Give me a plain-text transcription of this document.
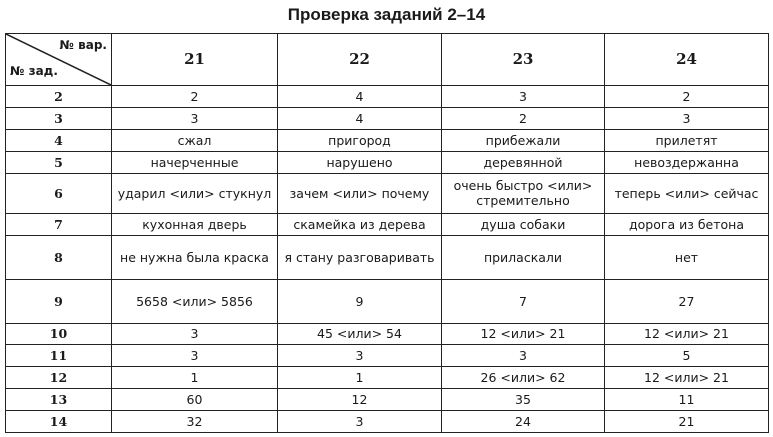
Проверка заданий 2–14
№ вар.
№ зад.	21	22	23	24
2	2	4	3	2
3	3	4	2	3
4	сжал	пригород	прибежали	прилетят
5	начерченные	нарушено	деревянной	невоздержанна
6	ударил <или> стукнул	зачем <или> почему	очень быстро <или> стремительно	теперь <или> сейчас
7	кухонная дверь	скамейка из дерева	душа собаки	дорога из бетона
8	не нужна была краска	я стану разговаривать	приласкали	нет
9	5658 <или> 5856	9	7	27
10	3	45 <или> 54	12 <или> 21	12 <или> 21
11	3	3	3	5
12	1	1	26 <или> 62	12 <или> 21
13	60	12	35	11
14	32	3	24	21
